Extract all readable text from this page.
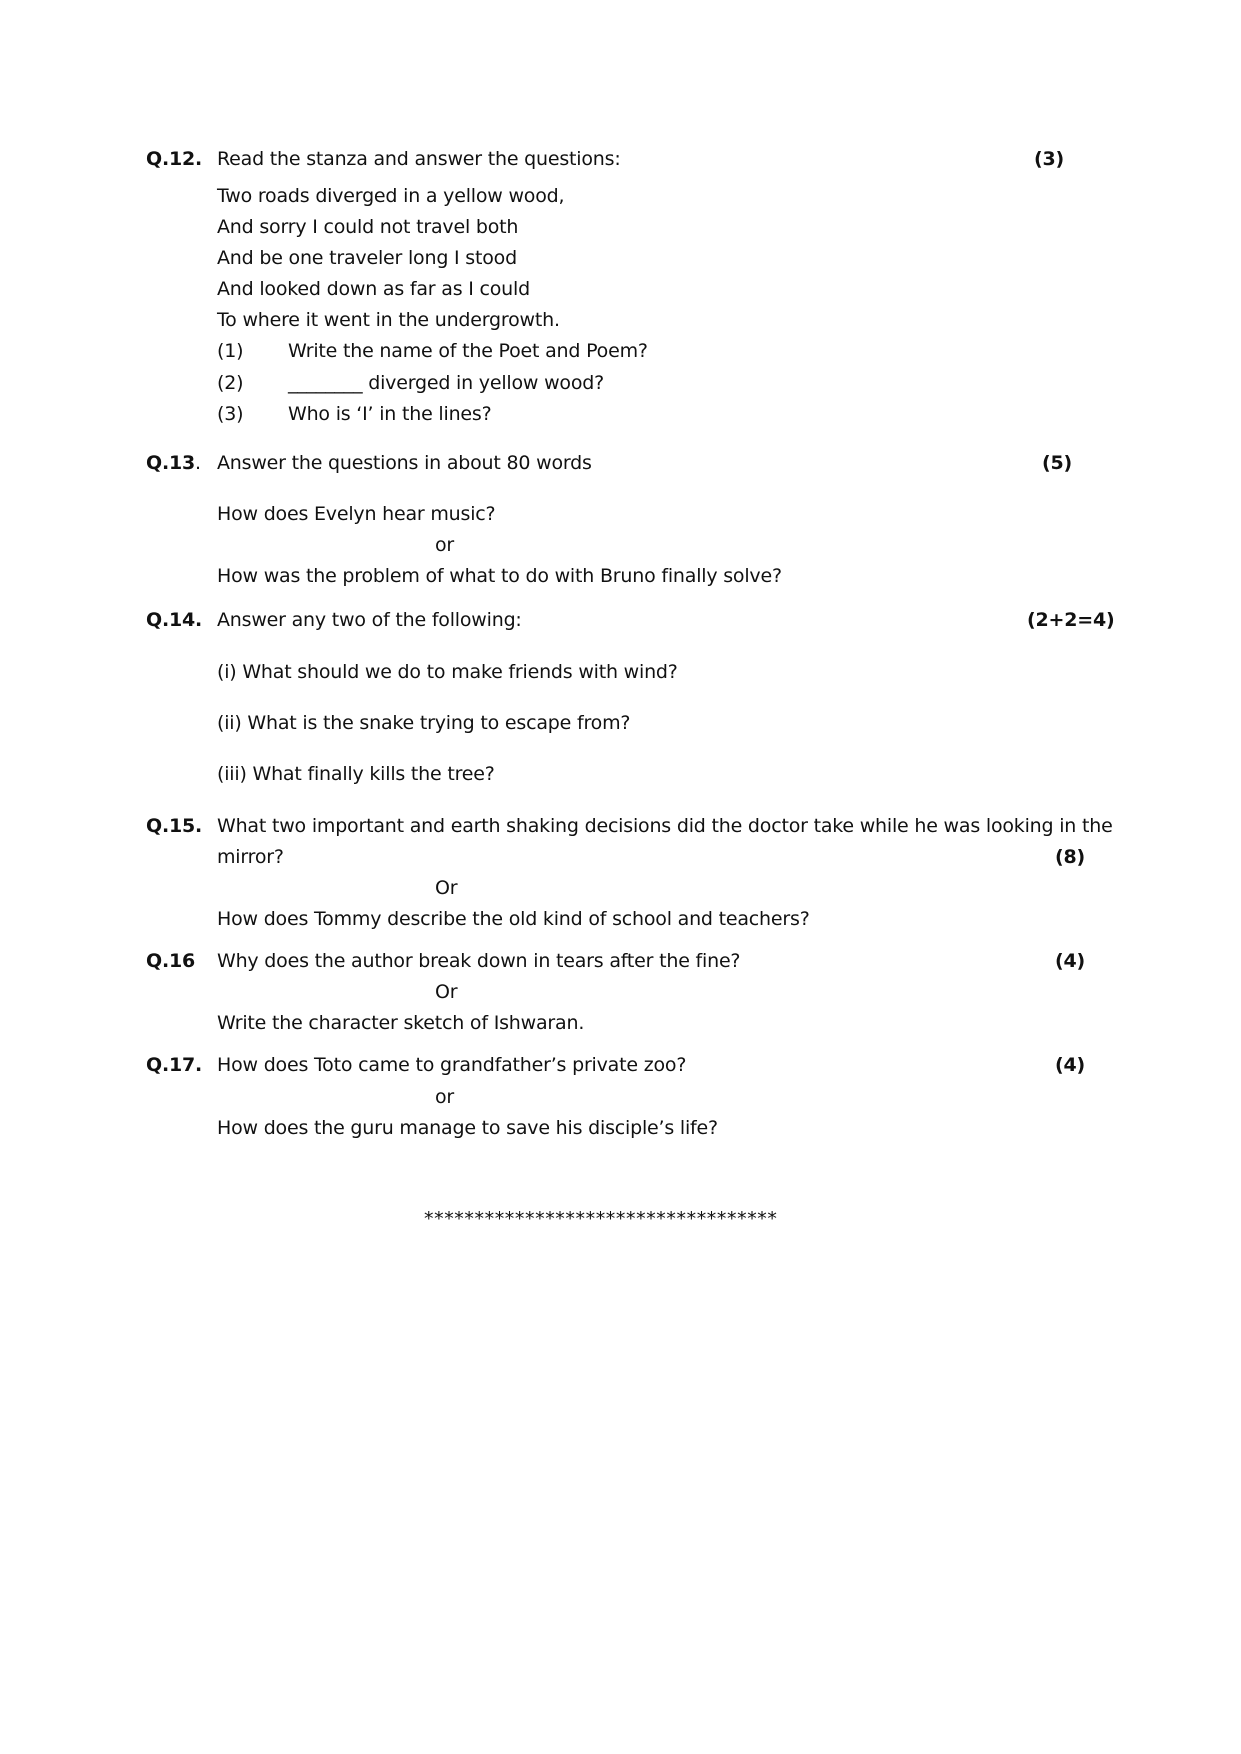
Q.12. Read the stanza and answer the questions:	(3)
Two roads diverged in a yellow wood,
And sorry I could not travel both
And be one traveler long I stood
And looked down as far as I could
To where it went in the undergrowth.
(1) Write the name of the Poet and Poem?
(2) ________ diverged in yellow wood?
(3) Who is ‘I’ in the lines?
Q.13. Answer the questions in about 80 words	(5)
How does Evelyn hear music?
or
How was the problem of what to do with Bruno finally solve?
Q.14. Answer any two of the following:	(2+2=4)
(i) What should we do to make friends with wind?
(ii) What is the snake trying to escape from?
(iii) What finally kills the tree?
Q.15. What two important and earth shaking decisions did the doctor take while he was looking in the
mirror?	(8)
Or
How does Tommy describe the old kind of school and teachers?
Q.16 Why does the author break down in tears after the fine?	(4)
Or
Write the character sketch of Ishwaran.
Q.17. How does Toto came to grandfather’s private zoo?	(4)
or
How does the guru manage to save his disciple’s life?
***********************************
